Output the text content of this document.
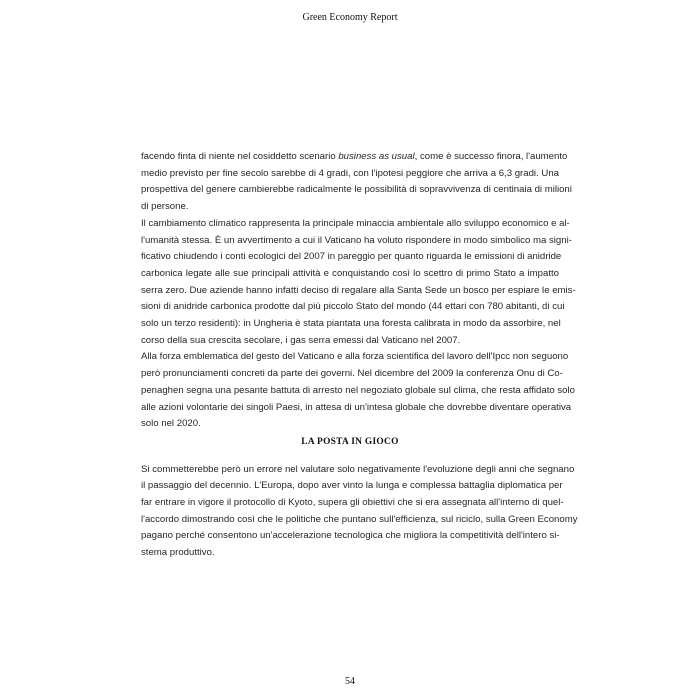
Green Economy Report

facendo finta di niente nel cosiddetto scenario business as usual, come è successo finora, l'aumento
medio previsto per fine secolo sarebbe di 4 gradi, con l'ipotesi peggiore che arriva a 6,3 gradi. Una
prospettiva del genere cambierebbe radicalmente le possibilità di sopravvivenza di centinaia di milioni
di persone.

Il cambiamento climatico rappresenta la principale minaccia ambientale allo sviluppo economico e al-
l'umanità stessa. È un avvertimento a cui il Vaticano ha voluto rispondere in modo simbolico ma signi-
ficativo chiudendo i conti ecologici del 2007 in pareggio per quanto riguarda le emissioni di anidride
carbonica legate alle sue principali attività e conquistando così lo scettro di primo Stato a impatto
serra zero. Due aziende hanno infatti deciso di regalare alla Santa Sede un bosco per espiare le emis-
sioni di anidride carbonica prodotte dal più piccolo Stato del mondo (44 ettari con 780 abitanti, di cui
solo un terzo residenti): in Ungheria è stata piantata una foresta calibrata in modo da assorbire, nel
corso della sua crescita secolare, i gas serra emessi dal Vaticano nel 2007.

Alla forza emblematica del gesto del Vaticano e alla forza scientifica del lavoro dell'Ipcc non seguono
però pronunciamenti concreti da parte dei governi. Nel dicembre del 2009 la conferenza Onu di Co-
penaghen segna una pesante battuta di arresto nel negoziato globale sul clima, che resta affidato solo
alle azioni volontarie dei singoli Paesi, in attesa di un'intesa globale che dovrebbe diventare operativa
solo nel 2020.

LA POSTA IN GIOCO

Si commetterebbe però un errore nel valutare solo negativamente l'evoluzione degli anni che segnano
il passaggio del decennio. L'Europa, dopo aver vinto la lunga e complessa battaglia diplomatica per
far entrare in vigore il protocollo di Kyoto, supera gli obiettivi che si era assegnata all'interno di quel-
l'accordo dimostrando così che le politiche che puntano sull'efficienza, sul riciclo, sulla Green Economy
pagano perché consentono un'accelerazione tecnologica che migliora la competitività dell'intero si-
stema produttivo.

54
